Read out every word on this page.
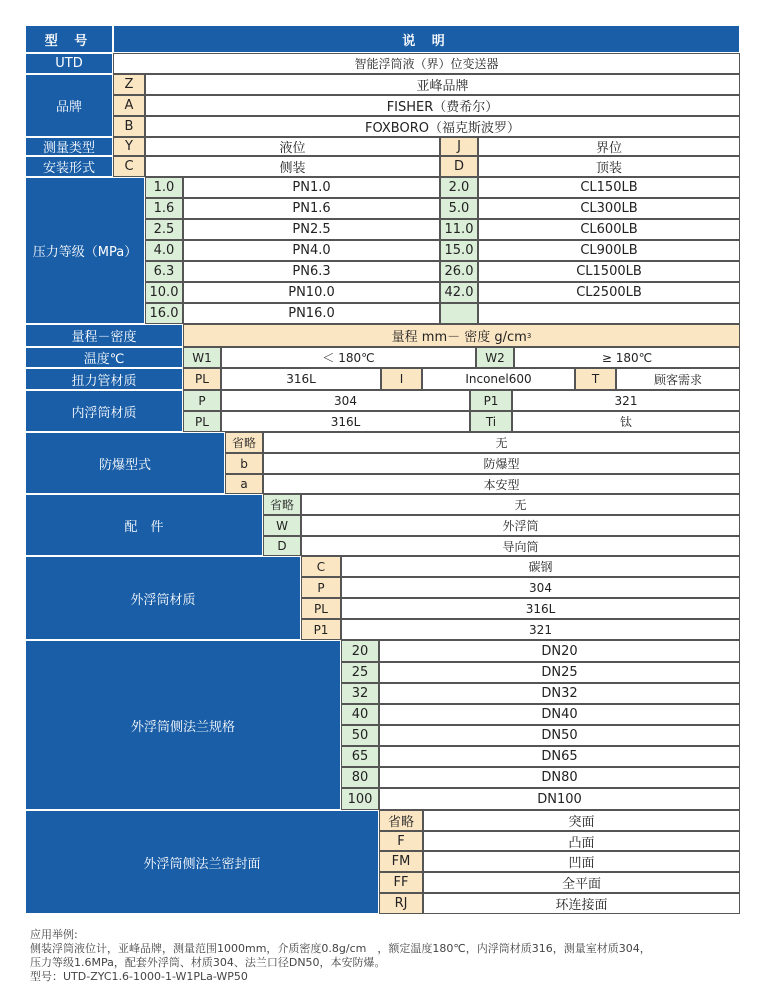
型 号	说 明
UTD	智能浮筒液（界）位变送器
品牌
Z	亚峰品牌
A	FISHER（费希尔）
B	FOXBORO（福克斯波罗）
测量类型	Y	液位	J	界位
安装形式	C	侧装	D	顶装
压力等级（MPa）
1.0	PN1.0	2.0	CL150LB
1.6	PN1.6	5.0	CL300LB
2.5	PN2.5	11.0	CL600LB
4.0	PN4.0	15.0	CL900LB
6.3	PN6.3	26.0	CL1500LB
10.0	PN10.0	42.0	CL2500LB
16.0	PN16.0
量程－密度	量程 mm－ 密度 g/cm 3
温度℃	W1	＜ 180℃	W2	≥ 180℃
扭力管材质	PL	316L	I	Inconel600	T	顾客需求
内浮筒材质
P	304	P1	321
PL	316L	Ti	钛
防爆型式
省略	无
b	防爆型
a	本安型
配　件
省略	无
W	外浮筒
D	导向筒
外浮筒材质
C	碳钢
P	304
PL	316L
P1	321
外浮筒侧法兰规格
20	DN20
25	DN25
32	DN32
40	DN40
50	DN50
65	DN65
80	DN80
100	DN100
外浮筒侧法兰密封面
省略	突面
F	凸面
FM	凹面
FF	全平面
RJ	环连接面
应用举例:
侧装浮筒液位计，亚峰品牌，测量范围1000mm，介质密度0.8g/cm　，额定温度180℃，内浮筒材质316，测量室材质304，
压力等级1.6MPa，配套外浮筒、材质304、法兰口径DN50，本安防爆。
型号：UTD-ZYC1.6-1000-1-W1PLa-WP50
